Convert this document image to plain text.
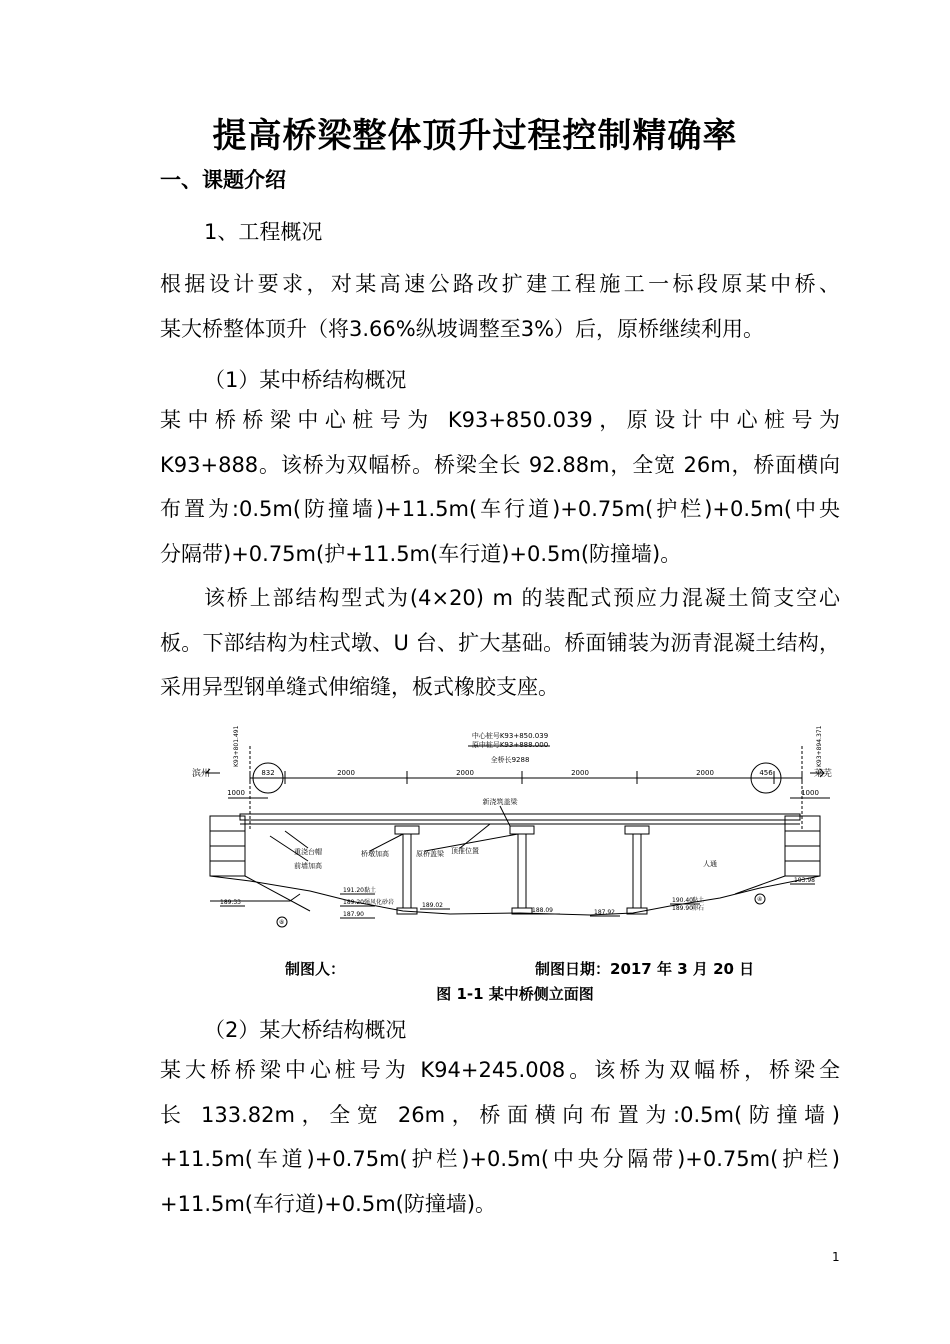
提高桥梁整体顶升过程控制精确率
一、课题介绍
1、工程概况
根据设计要求，对某高速公路改扩建工程施工一标段原某中桥、
某大桥整体顶升（将3.66%纵坡调整至3%）后，原桥继续利用。
（1）某中桥结构概况
某中桥桥梁中心桩号为 K93+850.039，原设计中心桩号为
K93+888。该桥为双幅桥。桥梁全长 92.88m，全宽 26m，桥面横向
布置为:0.5m(防撞墙)+11.5m(车行道)+0.75m(护栏)+0.5m(中央
分隔带)+0.75m(护+11.5m(车行道)+0.5m(防撞墙)。
该桥上部结构型式为(4×20) m 的装配式预应力混凝土简支空心
板。下部结构为柱式墩、U 台、扩大基础。桥面铺装为沥青混凝土结构，
采用异型钢单缝式伸缩缝，板式橡胶支座。
中心桩号K93+850.039
原中桩号K93+888.000
全桥长9288
832	456
2000	2000	2000	2000
1000	1000
新浇筑盖梁
重浇台帽	桥墩加高	原桥盖梁 顶推位置
前墙加高	人通
滨州	莱芜
K93+801.491	K93+894.371
189.33
191.20
189.20
187.90
189.02
188.09	187.92
190.40
189.90
193.98
黏土
强风化砂岩	黏土
卵石
⑧
④
制图人：	制图日期：2017 年 3 月 20 日
图 1-1 某中桥侧立面图
（2）某大桥结构概况
某大桥桥梁中心桩号为 K94+245.008。该桥为双幅桥，桥梁全
长 133.82m，全宽 26m，桥面横向布置为:0.5m(防撞墙)
+11.5m(车道)+0.75m(护栏)+0.5m(中央分隔带)+0.75m(护栏)
+11.5m(车行道)+0.5m(防撞墙)。
1
